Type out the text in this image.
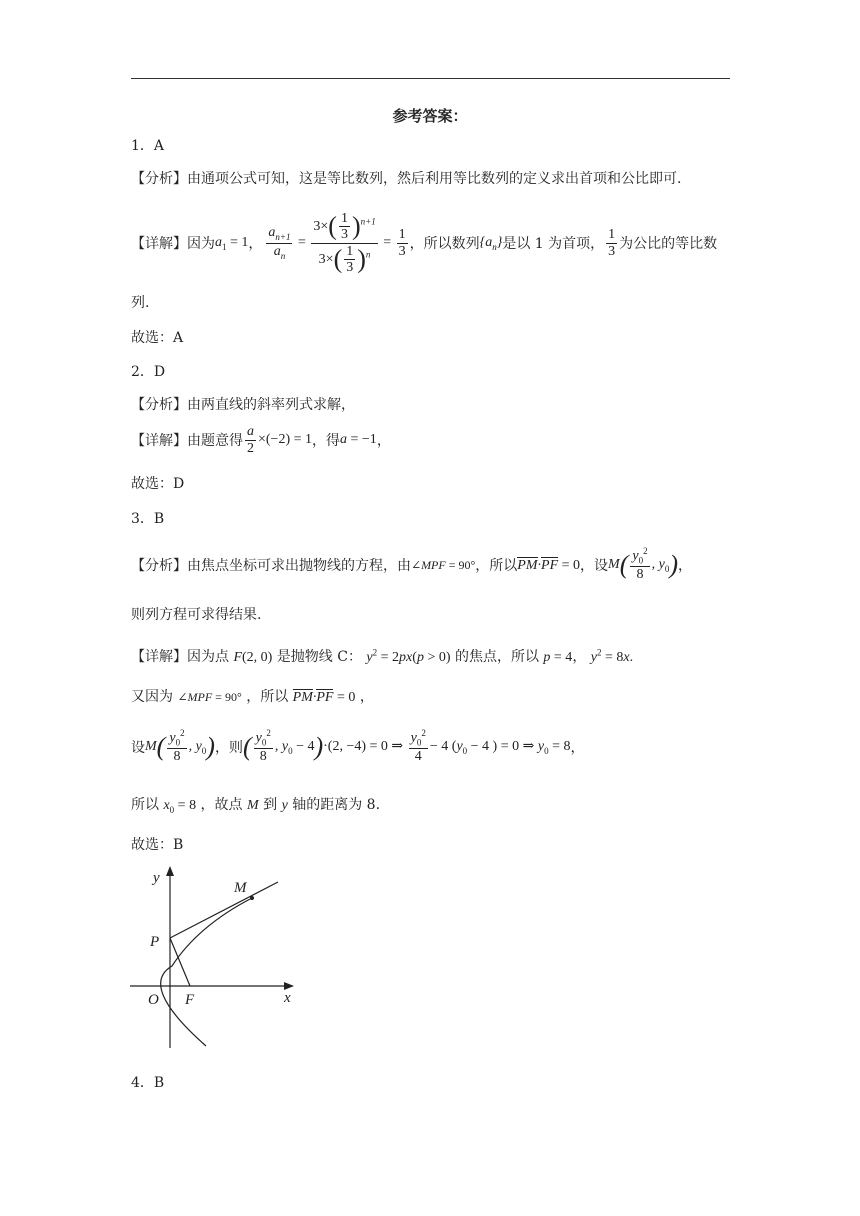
参考答案：
1．A
【分析】由通项公式可知，这是等比数列，然后利用等比数列的定义求出首项和公比即可.
【详解】 因为 $a_1 = 1$ ， $\frac{a_{n+1}}{a_n} = \frac{3\times( \frac{1}{3} )^{n+1}}{3\times( \frac{1}{3} )^n} = \frac{1}{3}$ ，所以数列 $\{a_n\}$ 是以 1 为首项， $\frac{1}{3}$ 为公比的等比数
列.
故选：A
2．D
【分析】由两直线的斜率列式求解，
【详解】 由题意得 $\frac{a}{2} \times(-2) = 1$ ，得 a = −1 ，
故选：D
3．B
【分析】 由焦点坐标可求出抛物线的方程，由 ∠MPF = 90° ，所以 PM·PF = 0 ，设 $M( \frac{y_0^2}{8}$ , $y_0$) ，
则列方程可求得结果.
【详解】因为点 F(2, 0) 是抛物线 C： $y^2 = 2px(p > 0)$ 的焦点，所以 p = 4， $y^2 = 8x$.
又因为 ∠MPF = 90° ，所以 PM·PF = 0 ，
设 $M( \frac{y_0^2}{8}$ , $y_0$) ，则 ( $\frac{y_0^2}{8}$ , $y_0 - 4)\cdot(2$, −4) = 0 ⇒ $\frac{y_0^2}{4} - 4$ ($y_0 - 4$ ) = 0 ⇒ $y_0 = 8$ ，
所以 $x_0 = 8$ ，故点 M 到 y 轴的距离为 8.
故选：B
y
x
O F
P
M
4．B
